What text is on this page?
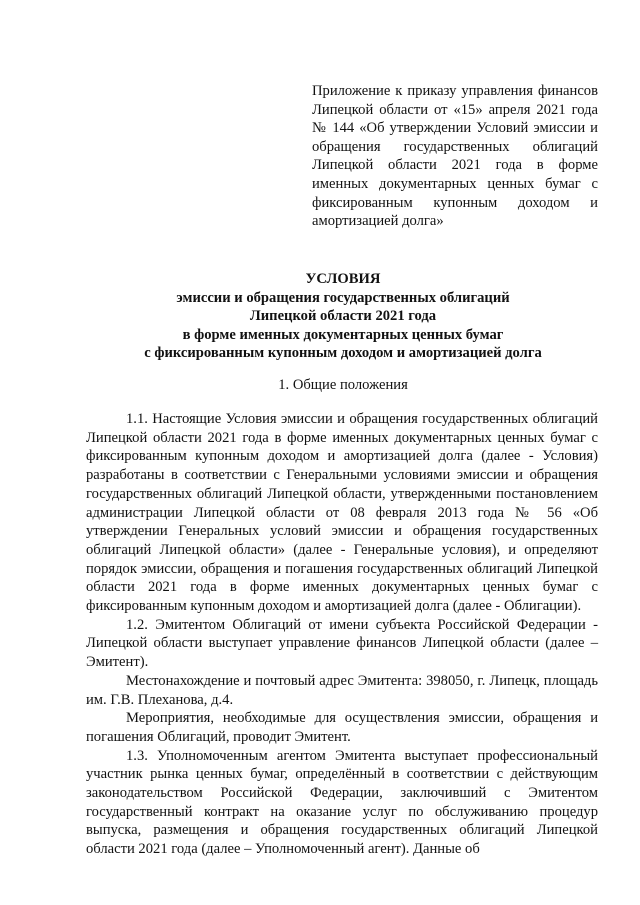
Приложение к приказу управления финансов Липецкой области от «15» апреля 2021 года № 144 «Об утверждении Условий эмиссии и обращения государственных облигаций Липецкой области 2021 года в форме именных документарных ценных бумаг с фиксированным купонным доходом и амортизацией долга»
УСЛОВИЯ
эмиссии и обращения государственных облигаций
Липецкой области 2021 года
в форме именных документарных ценных бумаг
с фиксированным купонным доходом и амортизацией долга
1. Общие положения

1.1. Настоящие Условия эмиссии и обращения государственных облигаций Липецкой области 2021 года в форме именных документарных ценных бумаг с фиксированным купонным доходом и амортизацией долга (далее - Условия) разработаны в соответствии с Генеральными условиями эмиссии и обращения государственных облигаций Липецкой области, утвержденными постановлением администрации Липецкой области от 08 февраля 2013 года № 56 «Об утверждении Генеральных условий эмиссии и обращения государственных облигаций Липецкой области» (далее - Генеральные условия), и определяют порядок эмиссии, обращения и погашения государственных облигаций Липецкой области 2021 года в форме именных документарных ценных бумаг с фиксированным купонным доходом и амортизацией долга (далее - Облигации).

1.2. Эмитентом Облигаций от имени субъекта Российской Федерации - Липецкой области выступает управление финансов Липецкой области (далее – Эмитент).

Местонахождение и почтовый адрес Эмитента: 398050, г. Липецк, площадь им. Г.В. Плеханова, д.4.

Мероприятия, необходимые для осуществления эмиссии, обращения и погашения Облигаций, проводит Эмитент.

1.3. Уполномоченным агентом Эмитента выступает профессиональный участник рынка ценных бумаг, определённый в соответствии с действующим законодательством Российской Федерации, заключивший с Эмитентом государственный контракт на оказание услуг по обслуживанию процедур выпуска, размещения и обращения государственных облигаций Липецкой области 2021 года (далее – Уполномоченный агент). Данные об
